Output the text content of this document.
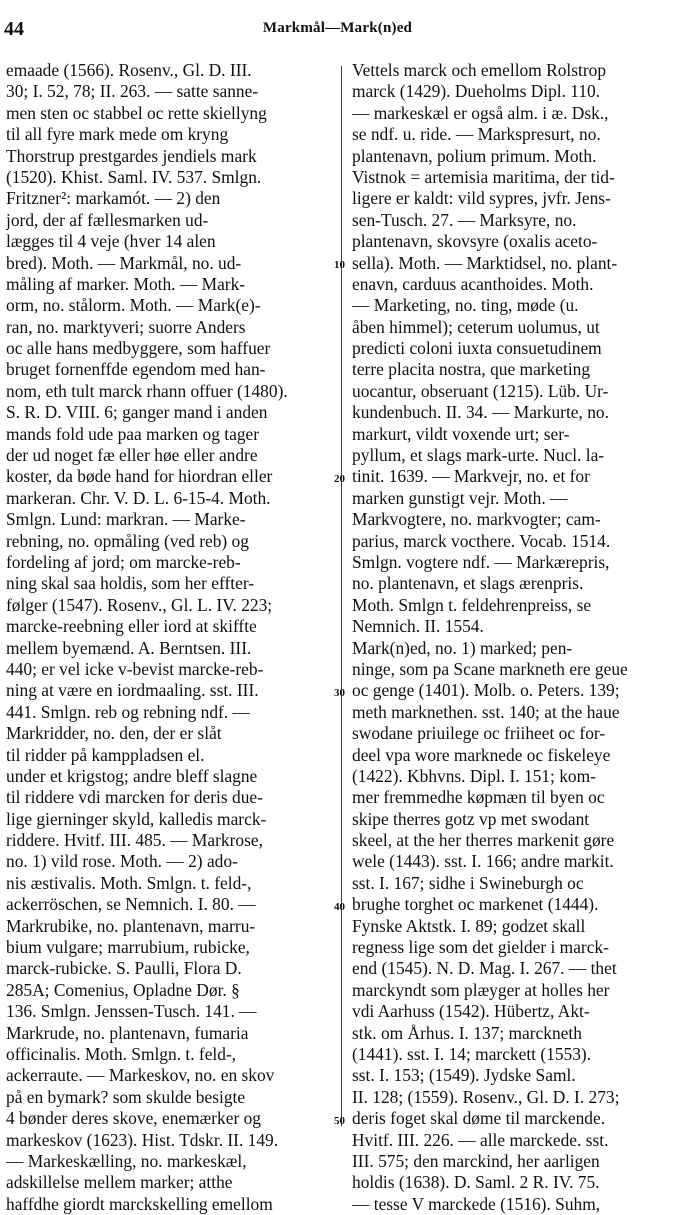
44	Markmål—Mark(n)ed
emaade (1566). Rosenv., Gl. D. III.
30; I. 52, 78; II. 263. — satte sanne-
men sten oc stabbel oc rette skiellyng
til all fyre mark mede om kryng
Thorstrup prestgardes jendiels mark
(1520). Khist. Saml. IV. 537. Smlgn.
Fritzner²: markamót. — 2) den
jord, der af fællesmarken ud-
lægges til 4 veje (hver 14 alen
bred). Moth. — Markmål, no. ud-
måling af marker. Moth. — Mark-
orm, no. stålorm. Moth. — Mark(e)-
ran, no. marktyveri; suorre Anders
oc alle hans medbyggere, som haffuer
bruget fornenffde egendom med han-
nom, eth tult marck rhann offuer (1480).
S. R. D. VIII. 6; ganger mand i anden
mands fold ude paa marken og tager
der ud noget fæ eller høe eller andre
koster, da bøde hand for hiordran eller
markeran. Chr. V. D. L. 6-15-4. Moth.
Smlgn. Lund: markran. — Marke-
rebning, no. opmåling (ved reb) og
fordeling af jord; om marcke-reb-
ning skal saa holdis, som her effter-
følger (1547). Rosenv., Gl. L. IV. 223;
marcke-reebning eller iord at skiffte
mellem byemænd. A. Berntsen. III.
440; er vel icke v-bevist marcke-reb-
ning at være en iordmaaling. sst. III.
441. Smlgn. reb og rebning ndf. —
Markridder, no. den, der er slåt
til ridder på kamppladsen el.
under et krigstog; andre bleff slagne
til riddere vdi marcken for deris due-
lige gierninger skyld, kalledis marck-
riddere. Hvitf. III. 485. — Markrose,
no. 1) vild rose. Moth. — 2) ado-
nis æstivalis. Moth. Smlgn. t. feld-,
ackerröschen, se Nemnich. I. 80. —
Markrubike, no. plantenavn, marru-
bium vulgare; marrubium, rubicke,
marck-rubicke. S. Paulli, Flora D.
285A; Comenius, Opladne Dør. §
136. Smlgn. Jenssen-Tusch. 141. —
Markrude, no. plantenavn, fumaria
officinalis. Moth. Smlgn. t. feld-,
ackerraute. — Markeskov, no. en skov
på en bymark? som skulde besigte
4 bønder deres skove, enemærker og
markeskov (1623). Hist. Tdskr. II. 149.
— Markeskælling, no. markeskæl,
adskillelse mellem marker; atthe
haffdhe giordt marckskelling emellom
10
20
30
40
50
Vettels marck och emellom Rolstrop
marck (1429). Dueholms Dipl. 110.
— markeskæl er også alm. i æ. Dsk.,
se ndf. u. ride. — Markspresurt, no.
plantenavn, polium primum. Moth.
Vistnok = artemisia maritima, der tid-
ligere er kaldt: vild sypres, jvfr. Jens-
sen-Tusch. 27. — Marksyre, no.
plantenavn, skovsyre (oxalis aceto-
sella). Moth. — Marktidsel, no. plant-
enavn, carduus acanthoides. Moth.
— Marketing, no. ting, møde (u.
åben himmel); ceterum uolumus, ut
predicti coloni iuxta consuetudinem
terre placita nostra, que marketing
uocantur, obseruant (1215). Lüb. Ur-
kundenbuch. II. 34. — Markurte, no.
markurt, vildt voxende urt; ser-
pyllum, et slags mark-urte. Nucl. la-
tinit. 1639. — Markvejr, no. et for
marken gunstigt vejr. Moth. —
Markvogtere, no. markvogter; cam-
parius, marck vocthere. Vocab. 1514.
Smlgn. vogtere ndf. — Markærepris,
no. plantenavn, et slags ærenpris.
Moth. Smlgn t. feldehrenpreiss, se
Nemnich. II. 1554.
Mark(n)ed, no. 1) marked; pen-
ninge, som pa Scane markneth ere geue
oc genge (1401). Molb. o. Peters. 139;
meth marknethen. sst. 140; at the haue
swodane priuilege oc friiheet oc for-
deel vpa wore marknede oc fiskeleye
(1422). Kbhvns. Dipl. I. 151; kom-
mer fremmedhe køpmæn til byen oc
skipe therres gotz vp met swodant
skeel, at the her therres markenit gøre
wele (1443). sst. I. 166; andre markit.
sst. I. 167; sidhe i Swineburgh oc
brughe torghet oc markenet (1444).
Fynske Aktstk. I. 89; godzet skall
regness lige som det gielder i marck-
end (1545). N. D. Mag. I. 267. — thet
marckyndt som plæyger at holles her
vdi Aarhuss (1542). Hübertz, Akt-
stk. om Århus. I. 137; marckneth
(1441). sst. I. 14; marckett (1553).
sst. I. 153; (1549). Jydske Saml.
II. 128; (1559). Rosenv., Gl. D. I. 273;
deris foget skal døme til marckende.
Hvitf. III. 226. — alle marckede. sst.
III. 575; den marckind, her aarligen
holdis (1638). D. Saml. 2 R. IV. 75.
— tesse V marckede (1516). Suhm,
